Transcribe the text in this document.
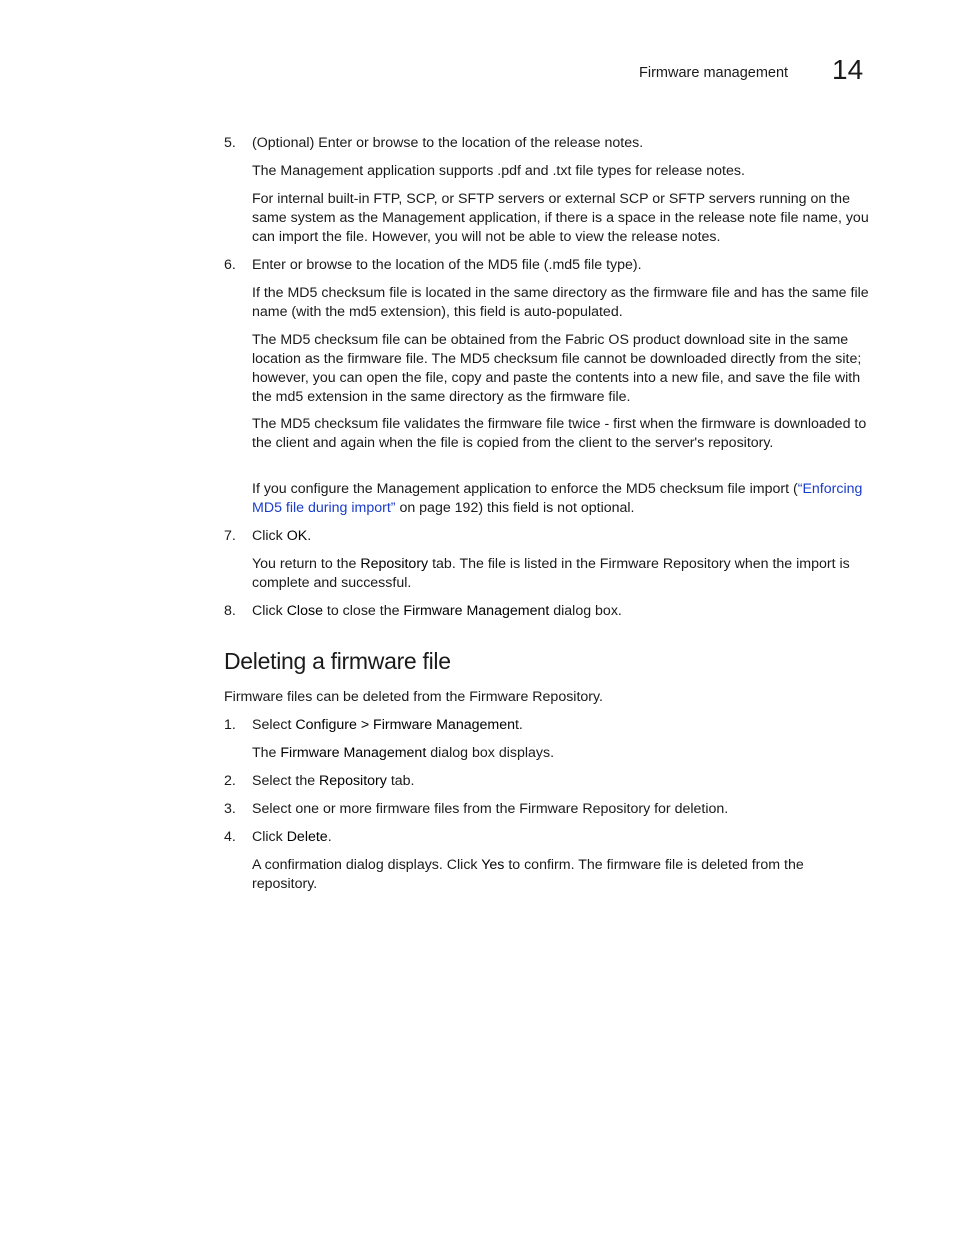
Firmware management 14
5. (Optional) Enter or browse to the location of the release notes.
The Management application supports .pdf and .txt file types for release notes.
For internal built-in FTP, SCP, or SFTP servers or external SCP or SFTP servers running on the same system as the Management application, if there is a space in the release note file name, you can import the file. However, you will not be able to view the release notes.
6. Enter or browse to the location of the MD5 file (.md5 file type).
If the MD5 checksum file is located in the same directory as the firmware file and has the same file name (with the md5 extension), this field is auto-populated.
The MD5 checksum file can be obtained from the Fabric OS product download site in the same location as the firmware file. The MD5 checksum file cannot be downloaded directly from the site; however, you can open the file, copy and paste the contents into a new file, and save the file with the md5 extension in the same directory as the firmware file.
The MD5 checksum file validates the firmware file twice - first when the firmware is downloaded to the client and again when the file is copied from the client to the server's repository.
If you configure the Management application to enforce the MD5 checksum file import (“Enforcing MD5 file during import” on page 192) this field is not optional.
7. Click OK.
You return to the Repository tab. The file is listed in the Firmware Repository when the import is complete and successful.
8. Click Close to close the Firmware Management dialog box.
Deleting a firmware file
Firmware files can be deleted from the Firmware Repository.
1. Select Configure > Firmware Management.
The Firmware Management dialog box displays.
2. Select the Repository tab.
3. Select one or more firmware files from the Firmware Repository for deletion.
4. Click Delete.
A confirmation dialog displays. Click Yes to confirm. The firmware file is deleted from the repository.
